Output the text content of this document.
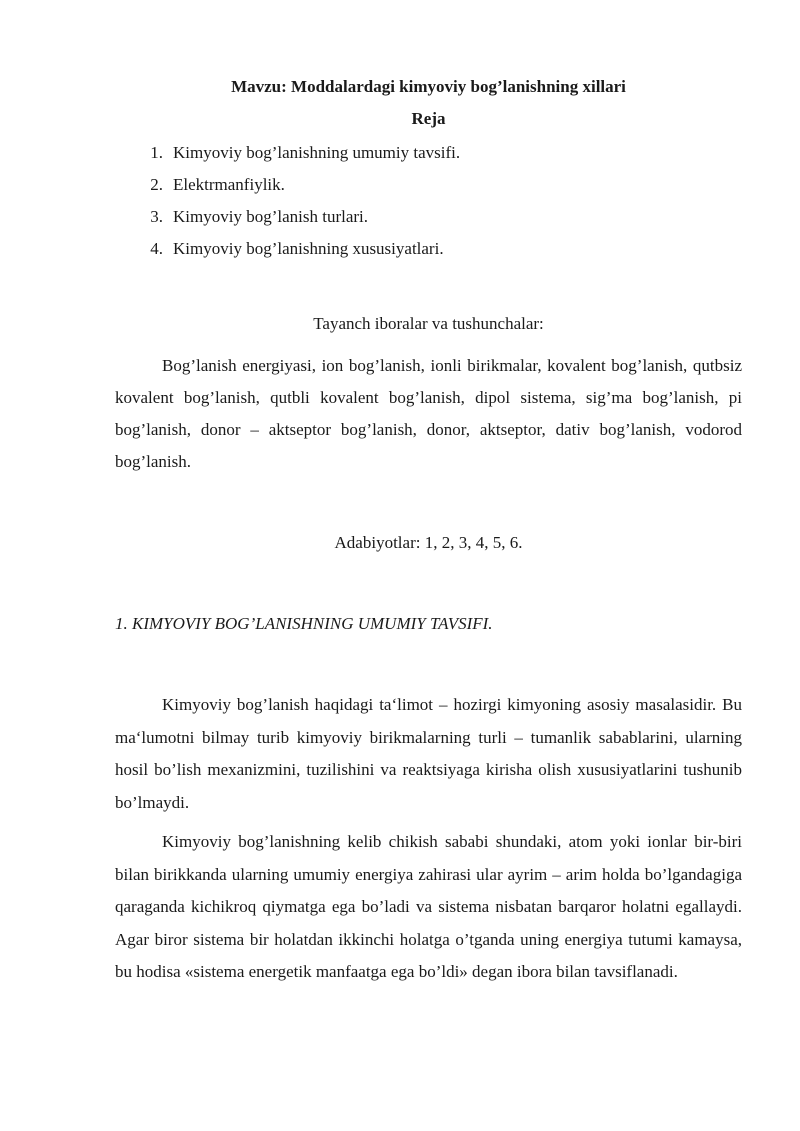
Mavzu: Moddalardagi kimyoviy bog’lanishning xillari
Reja
1. Kimyoviy bog’lanishning umumiy tavsifi.
2. Elektrmanfiylik.
3. Kimyoviy bog’lanish turlari.
4. Kimyoviy bog’lanishning xususiyatlari.
Tayanch iboralar va tushunchalar:
Bog’lanish energiyasi, ion bog’lanish, ionli birikmalar, kovalent bog’lanish, qutbsiz kovalent bog’lanish, qutbli kovalent bog’lanish, dipol sistema, sig’ma bog’lanish, pi bog’lanish, donor – aktseptor bog’lanish, donor, aktseptor, dativ bog’lanish, vodorod bog’lanish.
Adabiyotlar: 1, 2, 3, 4, 5, 6.
1. KIMYOVIY BOG’LANISHNING UMUMIY TAVSIFI.
Kimyoviy bog’lanish haqidagi ta‘limot – hozirgi kimyoning asosiy masalasidir. Bu ma‘lumotni bilmay turib kimyoviy birikmalarning turli – tumanlik sabablarini, ularning hosil bo’lish mexanizmini, tuzilishini va reaktsiyaga kirisha olish xususiyatlarini tushunib bo’lmaydi.
Kimyoviy bog’lanishning kelib chikish sababi shundaki, atom yoki ionlar bir-biri bilan birikkanda ularning umumiy energiya zahirasi ular ayrim – arim holda bo’lgandagiga qaraganda kichikroq qiymatga ega bo’ladi va sistema nisbatan barqaror holatni egallaydi. Agar biror sistema bir holatdan ikkinchi holatga o’tganda uning energiya tutumi kamaysa, bu hodisa «sistema energetik manfaatga ega bo’ldi» degan ibora bilan tavsiflanadi.
